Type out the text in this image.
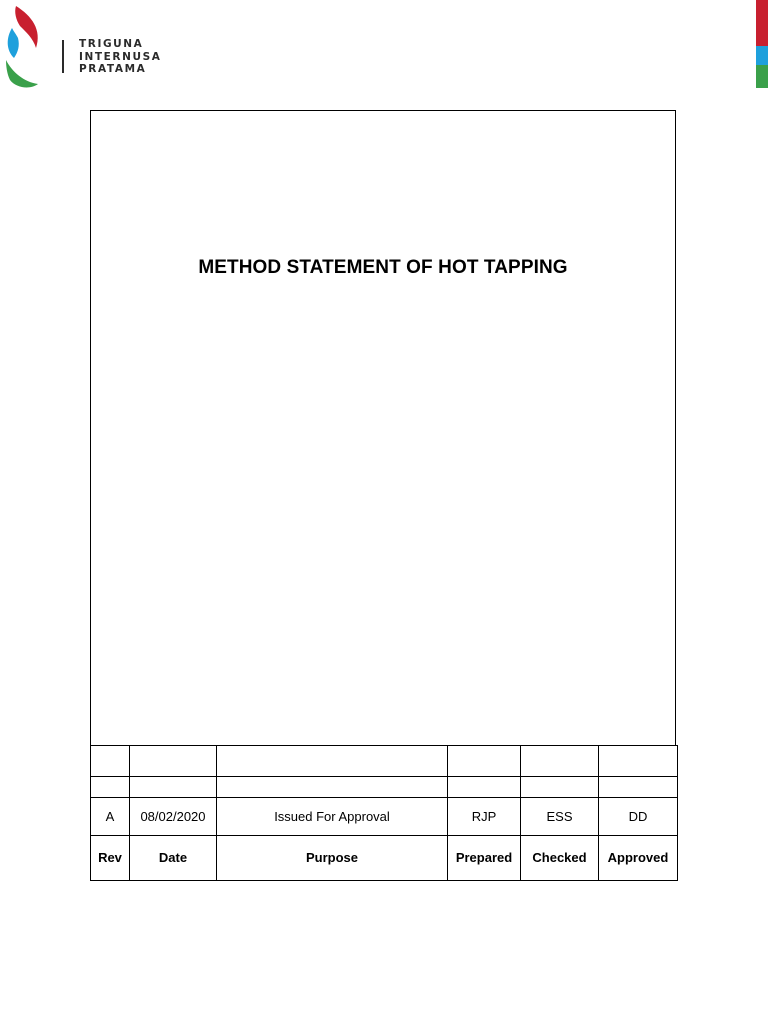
TRIGUNA
INTERNUSA
PRATAMA
METHOD STATEMENT OF HOT TAPPING

A	08/02/2020	Issued For Approval	RJP	ESS	DD
Rev	Date	Purpose	Prepared	Checked	Approved
